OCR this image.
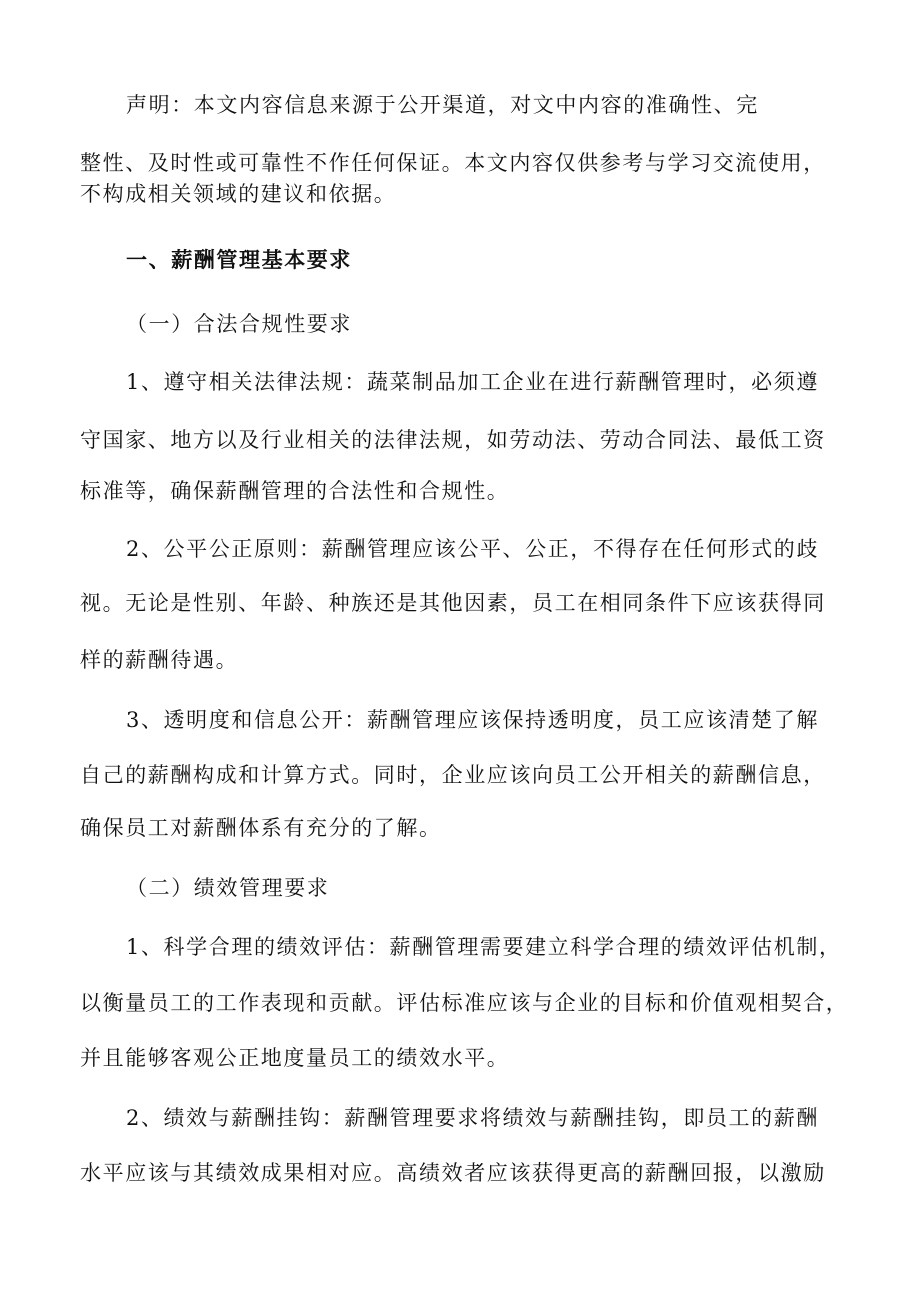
声明：本文内容信息来源于公开渠道，对文中内容的准确性、完
整性、及时性或可靠性不作任何保证。本文内容仅供参考与学习交流使用，
不构成相关领域的建议和依据。
一、薪酬管理基本要求
（一）合法合规性要求
1、遵守相关法律法规：蔬菜制品加工企业在进行薪酬管理时，必须遵
守国家、地方以及行业相关的法律法规，如劳动法、劳动合同法、最低工资
标准等，确保薪酬管理的合法性和合规性。
2、公平公正原则：薪酬管理应该公平、公正，不得存在任何形式的歧
视。无论是性别、年龄、种族还是其他因素，员工在相同条件下应该获得同
样的薪酬待遇。
3、透明度和信息公开：薪酬管理应该保持透明度，员工应该清楚了解
自己的薪酬构成和计算方式。同时，企业应该向员工公开相关的薪酬信息，
确保员工对薪酬体系有充分的了解。
（二）绩效管理要求
1、科学合理的绩效评估：薪酬管理需要建立科学合理的绩效评估机制，
以衡量员工的工作表现和贡献。评估标准应该与企业的目标和价值观相契合，
并且能够客观公正地度量员工的绩效水平。
2、绩效与薪酬挂钩：薪酬管理要求将绩效与薪酬挂钩，即员工的薪酬
水平应该与其绩效成果相对应。高绩效者应该获得更高的薪酬回报，以激励
